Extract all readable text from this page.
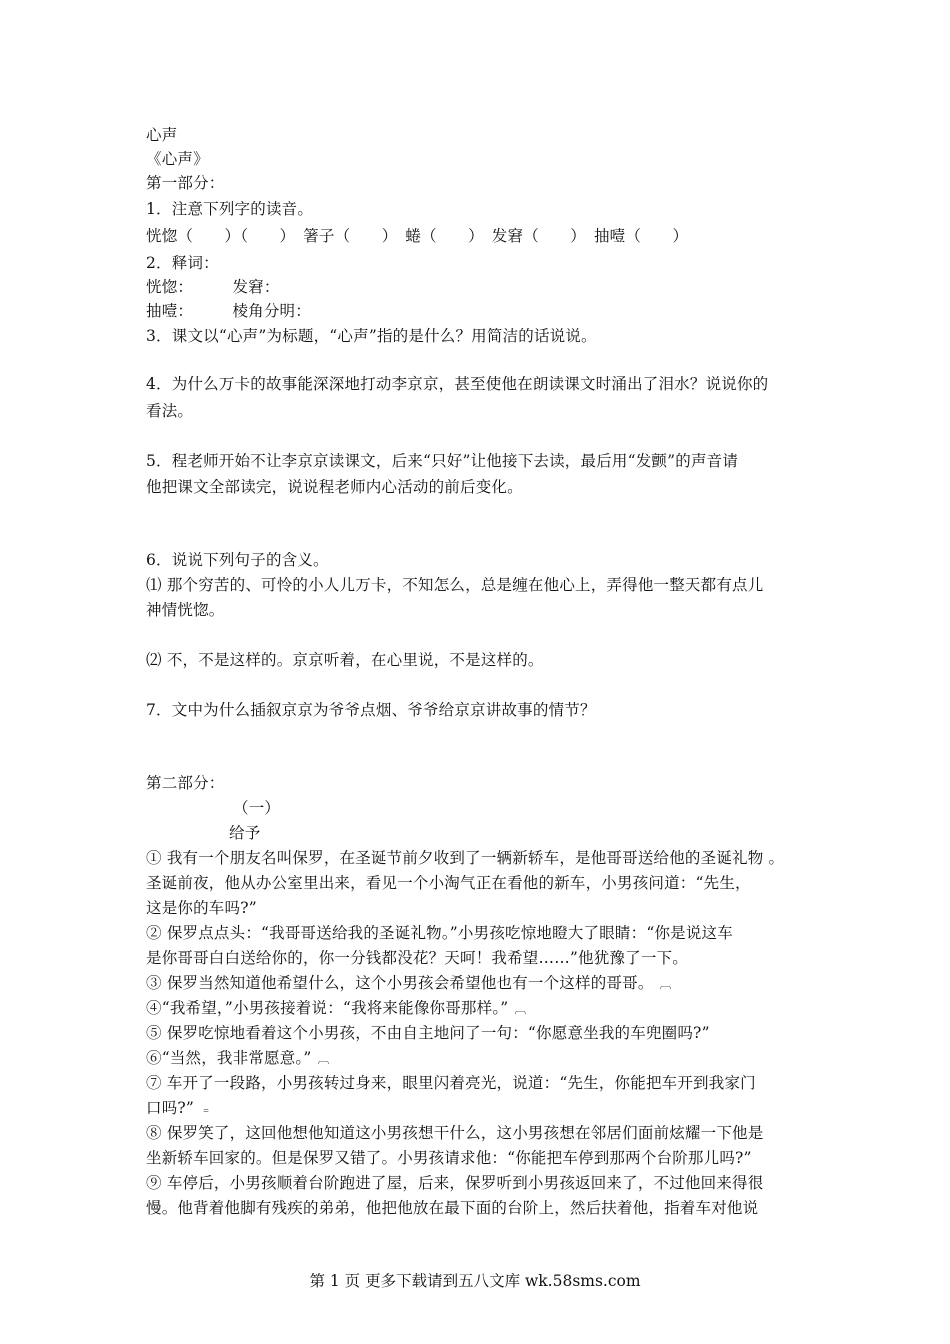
心声
《心声》
第一部分：
1．注意下列字的读音。
恍惚（　　）（　　）　箸子（　　）　蜷（　　）　发窘（　　）　抽噎（　　）
2．释词：
恍惚：　　　发窘：
抽噎：　　　棱角分明：
3．课文以“心声”为标题，“心声”指的是什么？用简洁的话说说。
4．为什么万卡的故事能深深地打动李京京，甚至使他在朗读课文时涌出了泪水？说说你的
看法。
5．程老师开始不让李京京读课文，后来“只好”让他接下去读，最后用“发颤”的声音请
他把课文全部读完，说说程老师内心活动的前后变化。
6．说说下列句子的含义。
⑴ 那个穷苦的、可怜的小人儿万卡，不知怎么，总是缠在他心上，弄得他一整天都有点儿
神情恍惚。
⑵ 不，不是这样的。京京听着，在心里说，不是这样的。
7．文中为什么插叙京京为爷爷点烟、爷爷给京京讲故事的情节？
第二部分：
（一）
给予
① 我有一个朋友名叫保罗，在圣诞节前夕收到了一辆新轿车，是他哥哥送给他的圣诞礼物 。
圣诞前夜，他从办公室里出来，看见一个小淘气正在看他的新车，小男孩问道：“先生，
这是你的车吗?”
② 保罗点点头：“我哥哥送给我的圣诞礼物。”小男孩吃惊地瞪大了眼睛：“你是说这车
是你哥哥白白送给你的，你一分钱都没花？天呵！我希望……”他犹豫了一下。
③ 保罗当然知道他希望什么，这个小男孩会希望他也有一个这样的哥哥。 ︹
④“我希望，”小男孩接着说：“我将来能像你哥那样。” ︹
⑤ 保罗吃惊地看着这个小男孩，不由自主地问了一句：“你愿意坐我的车兜圈吗?”
⑥“当然，我非常愿意。” ︹
⑦ 车开了一段路，小男孩转过身来，眼里闪着亮光，说道：“先生，你能把车开到我家门
口吗?” ﹦
⑧ 保罗笑了，这回他想他知道这小男孩想干什么，这小男孩想在邻居们面前炫耀一下他是
坐新轿车回家的。但是保罗又错了。小男孩请求他：“你能把车停到那两个台阶那儿吗?”
⑨ 车停后，小男孩顺着台阶跑进了屋，后来，保罗听到小男孩返回来了，不过他回来得很
慢。他背着他脚有残疾的弟弟，他把他放在最下面的台阶上，然后扶着他，指着车对他说
第 1 页 更多下载请到五八文库 wk.58sms.com
